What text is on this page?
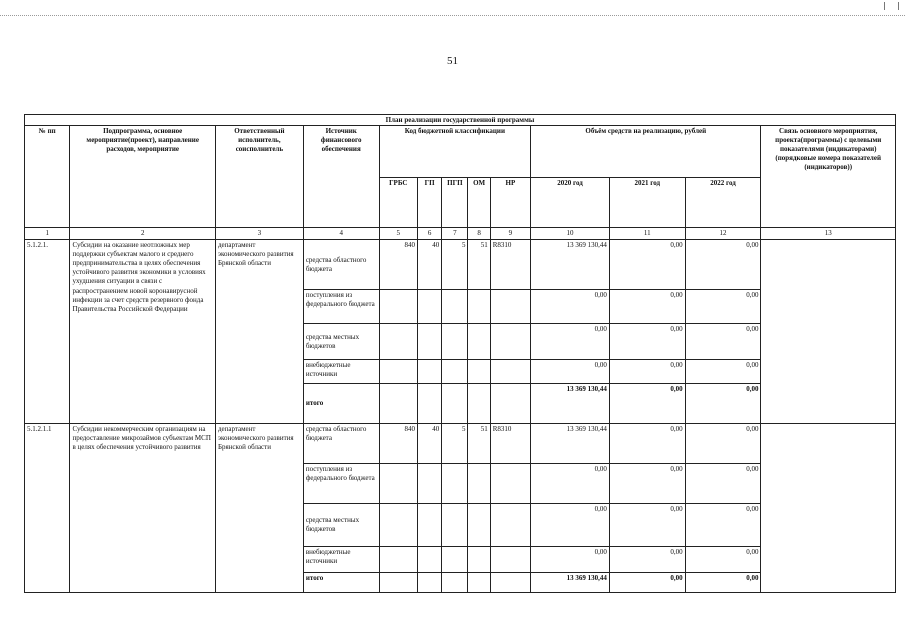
51
План реализации государственной программы												
№ пп	Подпрограмма, основное мероприятие(проект), направление расходов, мероприятие	Ответственный исполнитель, соисполнитель	Источник финансового обеспечения	Код бюджетной классификации					Объём средств на реализацию, рублей			Связь основного мероприятия, проекта(программы) с целевыми показателями (индикаторами) (порядковые номера показателей (индикаторов))
				ГРБС	ГП	ПГП	ОМ	НР	2020 год	2021 год	2022 год	
1	2	3	4	5	6	7	8	9	10	11	12	13
5.1.2.1.	Субсидии на оказание неотложных мер поддержки субъектам малого и среднего предпринимательства в целях обеспечения устойчивого развития экономики в условиях ухудшения ситуации в связи с распространением новой коронавирусной инфекции за счет средств резервного фонда Правительства Российской Федерации	департамент экономического развития Брянской области	средства областного бюджета	840	40	5	51	R8310	13 369 130,44	0,00	0,00	
			поступления из федерального бюджета						0,00	0,00	0,00	
			средства местных бюджетов						0,00	0,00	0,00	
			внебюджетные источники						0,00	0,00	0,00	
			итого						13 369 130,44	0,00	0,00	
5.1.2.1.1	Субсидии некоммерческим организациям на предоставление микрозаймов субъектам МСП в целях обеспечения устойчивого развития	департамент экономического развития Брянской области	средства областного бюджета	840	40	5	51	R8310	13 369 130,44	0,00	0,00	
			поступления из федерального бюджета						0,00	0,00	0,00	
			средства местных бюджетов						0,00	0,00	0,00	
			внебюджетные источники						0,00	0,00	0,00	
			итого						13 369 130,44	0,00	0,00	
